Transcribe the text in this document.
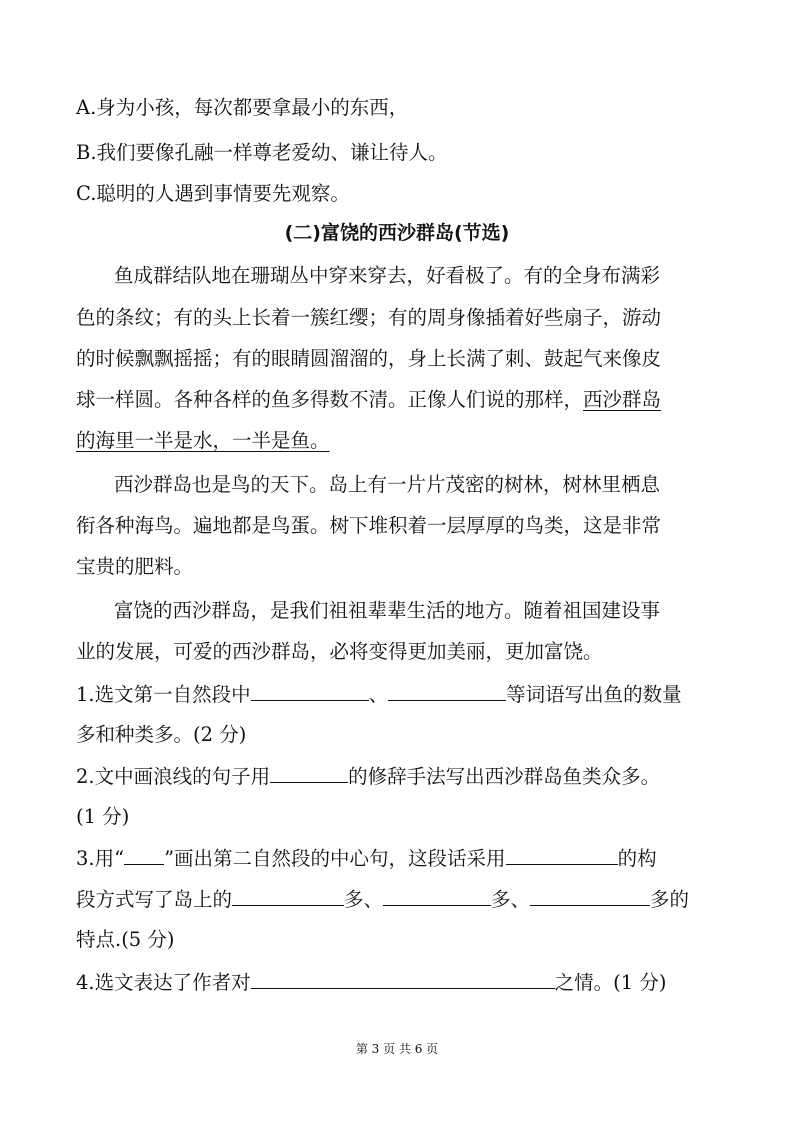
A.身为小孩，每次都要拿最小的东西，
B.我们要像孔融一样尊老爱幼、谦让待人。
C.聪明的人遇到事情要先观察。
(二)富饶的西沙群岛(节选)
鱼成群结队地在珊瑚丛中穿来穿去，好看极了。有的全身布满彩
色的条纹；有的头上长着一簇红缨；有的周身像插着好些扇子，游动
的时候飘飘摇摇；有的眼睛圆溜溜的，身上长满了刺、鼓起气来像皮
球一样圆。各种各样的鱼多得数不清。正像人们说的那样，西沙群岛
的海里一半是水，一半是鱼。
西沙群岛也是鸟的天下。岛上有一片片茂密的树林，树林里栖息
衔各种海鸟。遍地都是鸟蛋。树下堆积着一层厚厚的鸟类，这是非常
宝贵的肥料。
富饶的西沙群岛，是我们祖祖辈辈生活的地方。随着祖国建设事
业的发展，可爱的西沙群岛，必将变得更加美丽，更加富饶。
1.选文第一自然段中	、	等词语写出鱼的数量
多和种类多。(2 分)
2.文中画浪线的句子用	的修辞手法写出西沙群岛鱼类众多。
(1 分)
3.用“ ”画出第二自然段的中心句，这段话采用	的构
段方式写了岛上的	多、	多、	多的
特点.(5 分)
4.选文表达了作者对	之情。(1 分)
第 3 页 共 6 页
